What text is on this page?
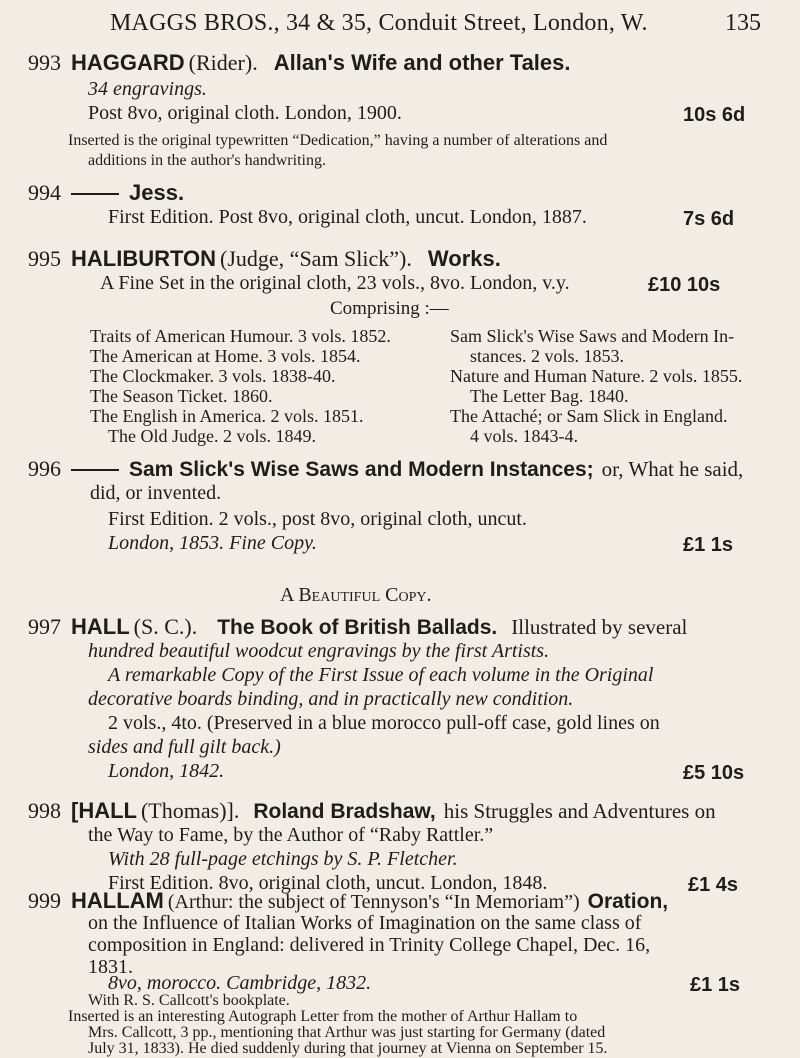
MAGGS BROS., 34 & 35, Conduit Street, London, W.	135
993 HAGGARD (Rider). Allan's Wife and other Tales.
34 engravings.
Post 8vo, original cloth. London, 1900.	10s 6d
Inserted is the original typewritten “Dedication,” having a number of alterations and
additions in the author's handwriting.
994	Jess.
First Edition. Post 8vo, original cloth, uncut. London, 1887.	7s 6d
995 HALIBURTON (Judge, “Sam Slick”). Works.
A Fine Set in the original cloth, 23 vols., 8vo. London, v.y.	£10 10s
Comprising :—
Traits of American Humour. 3 vols. 1852.
The American at Home. 3 vols. 1854.
The Clockmaker. 3 vols. 1838-40.
The Season Ticket. 1860.
The English in America. 2 vols. 1851.
The Old Judge. 2 vols. 1849.
Sam Slick's Wise Saws and Modern In-
stances. 2 vols. 1853.
Nature and Human Nature. 2 vols. 1855.
The Letter Bag. 1840.
The Attaché; or Sam Slick in England.
4 vols. 1843-4.
996	Sam Slick's Wise Saws and Modern Instances; or, What he said,
did, or invented.
First Edition. 2 vols., post 8vo, original cloth, uncut.
London, 1853. Fine Copy.	£1 1s
A Beautiful Copy.
997 HALL (S. C.). The Book of British Ballads. Illustrated by several
hundred beautiful woodcut engravings by the first Artists.
A remarkable Copy of the First Issue of each volume in the Original
decorative boards binding, and in practically new condition.
2 vols., 4to. (Preserved in a blue morocco pull-off case, gold lines on
sides and full gilt back.)
London, 1842.	£5 10s
998 [HALL (Thomas)]. Roland Bradshaw, his Struggles and Adventures on
the Way to Fame, by the Author of “Raby Rattler.”
With 28 full-page etchings by S. P. Fletcher.
First Edition. 8vo, original cloth, uncut. London, 1848.	£1 4s
999 HALLAM (Arthur: the subject of Tennyson's “In Memoriam”) Oration,
on the Influence of Italian Works of Imagination on the same class of
composition in England: delivered in Trinity College Chapel, Dec. 16,
1831.
8vo, morocco. Cambridge, 1832.	£1 1s
With R. S. Callcott's bookplate.
Inserted is an interesting Autograph Letter from the mother of Arthur Hallam to
Mrs. Callcott, 3 pp., mentioning that Arthur was just starting for Germany (dated
July 31, 1833). He died suddenly during that journey at Vienna on September 15.
